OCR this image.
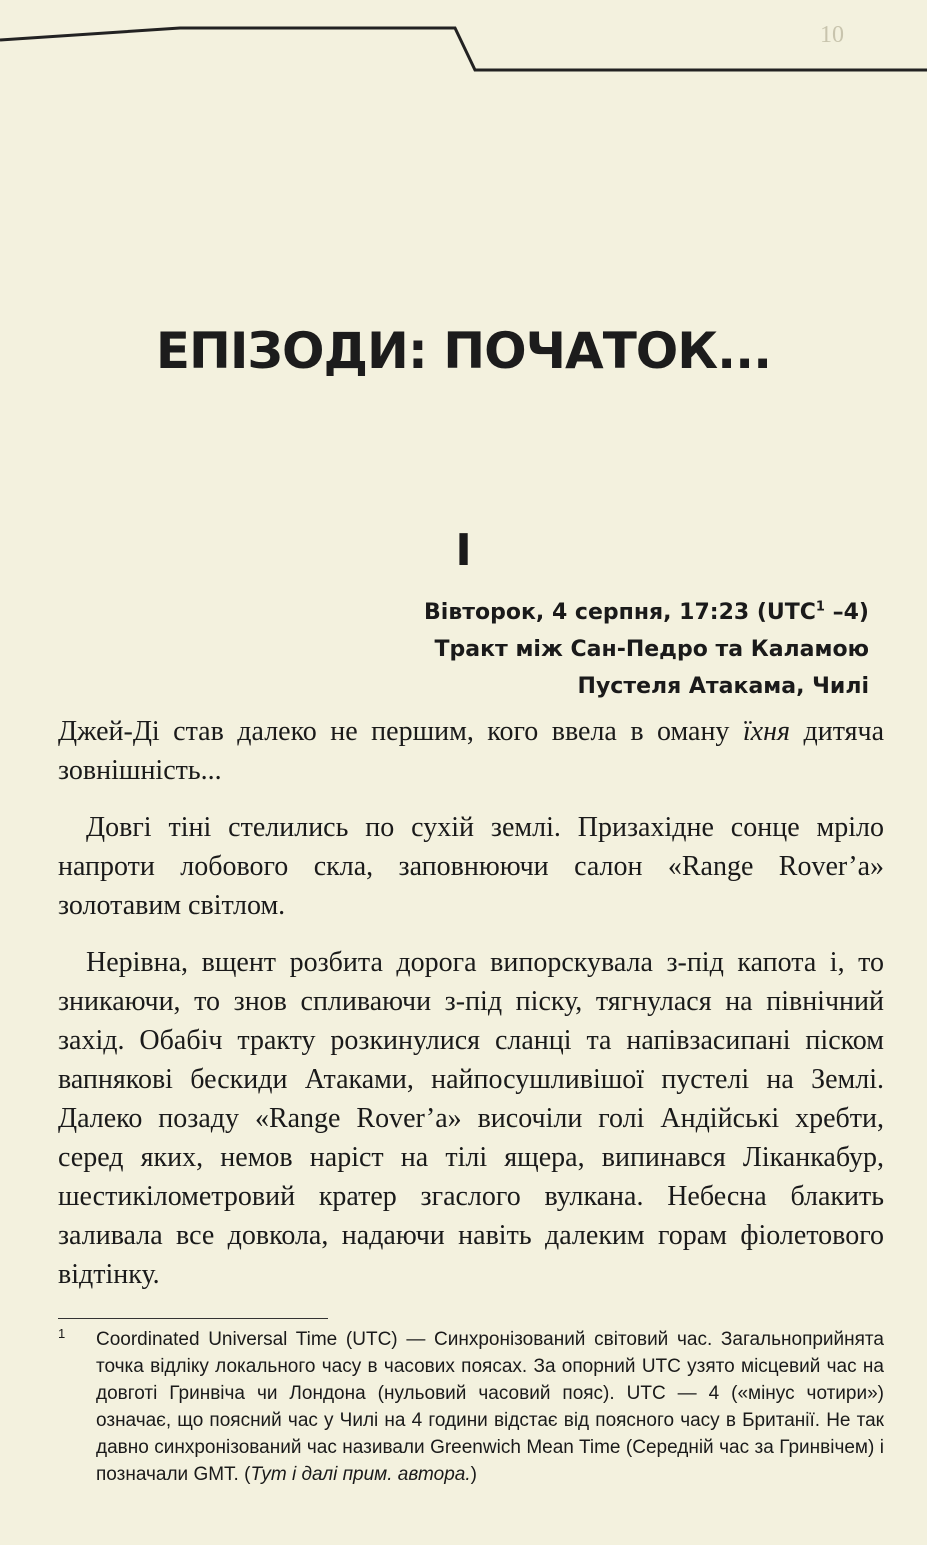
10
ЕПІЗОДИ: ПОЧАТОК...
I
Вівторок, 4 серпня, 17:23 (UTC$^1$ –4)
Тракт між Сан-Педро та Каламою
Пустеля Атакама, Чилі

Джей-Ді став далеко не першим, кого ввела в оману їхня дитяча зовнішність...

Довгі тіні стелились по сухій землі. Призахідне сонце мріло напроти лобового скла, заповнюючи салон «Range Rover’а» золотавим світлом.

Нерівна, вщент розбита дорога випорскувала з-під капота і, то зникаючи, то знов спливаючи з-під піску, тягнулася на північний захід. Обабіч тракту розкинулися сланці та напівзасипані піском вапнякові бескиди Атаками, найпосушливішої пустелі на Землі. Далеко позаду «Range Rover’а» височіли голі Андійські хребти, серед яких, немов наріст на тілі ящера, випинався Ліканкабур, шестикілометровий кратер згаслого вулкана. Небесна блакить заливала все довкола, надаючи навіть далеким горам фіолетового відтінку.

1 Coordinated Universal Time (UTC) — Синхронізований світовий час. Загальноприйнята точка відліку локального часу в часових поясах. За опорний UTC узято місцевий час на довготі Гринвіча чи Лондона (нульовий часовий пояс). UTC — 4 («мінус чотири») означає, що поясний час у Чилі на 4 години відстає від поясного часу в Британії. Не так давно синхронізований час називали Greenwich Mean Time (Середній час за Гринвічем) і позначали GMT. (Тут і далі прим. автора.)
